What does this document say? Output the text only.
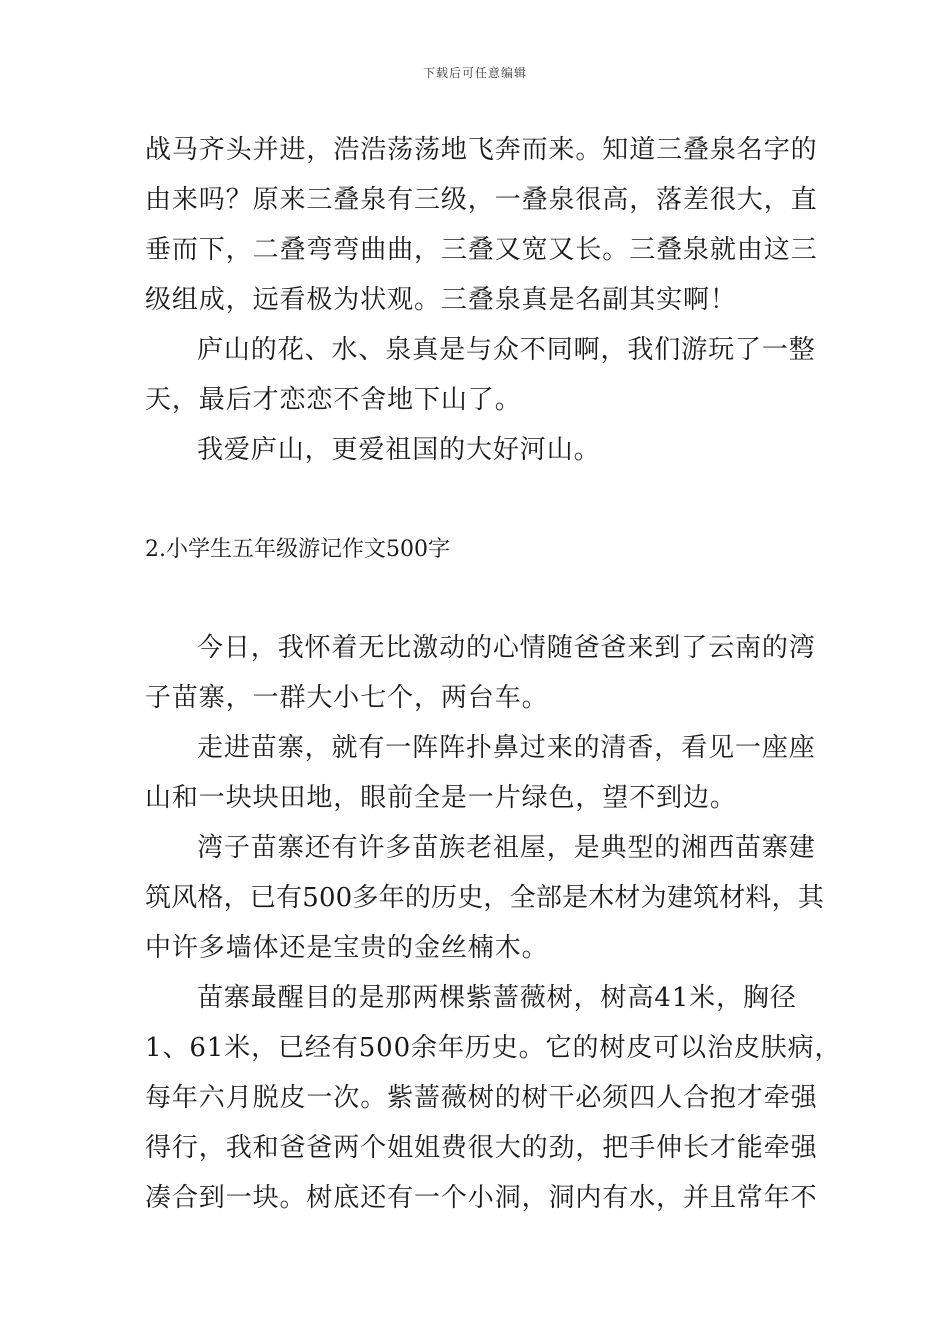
下载后可任意编辑
战马齐头并进，浩浩荡荡地飞奔而来。知道三叠泉名字的
由来吗？原来三叠泉有三级，一叠泉很高，落差很大，直
垂而下，二叠弯弯曲曲，三叠又宽又长。三叠泉就由这三
级组成，远看极为状观。三叠泉真是名副其实啊！
庐山的花、水、泉真是与众不同啊，我们游玩了一整
天，最后才恋恋不舍地下山了。
我爱庐山，更爱祖国的大好河山。
2.小学生五年级游记作文500字
今日，我怀着无比激动的心情随爸爸来到了云南的湾
子苗寨，一群大小七个，两台车。
走进苗寨，就有一阵阵扑鼻过来的清香，看见一座座
山和一块块田地，眼前全是一片绿色，望不到边。
湾子苗寨还有许多苗族老祖屋，是典型的湘西苗寨建
筑风格，已有500多年的历史，全部是木材为建筑材料，其
中许多墙体还是宝贵的金丝楠木。
苗寨最醒目的是那两棵紫蔷薇树，树高41米，胸径
1、61米，已经有500余年历史。它的树皮可以治皮肤病，
每年六月脱皮一次。紫蔷薇树的树干必须四人合抱才牵强
得行，我和爸爸两个姐姐费很大的劲，把手伸长才能牵强
凑合到一块。树底还有一个小洞，洞内有水，并且常年不
